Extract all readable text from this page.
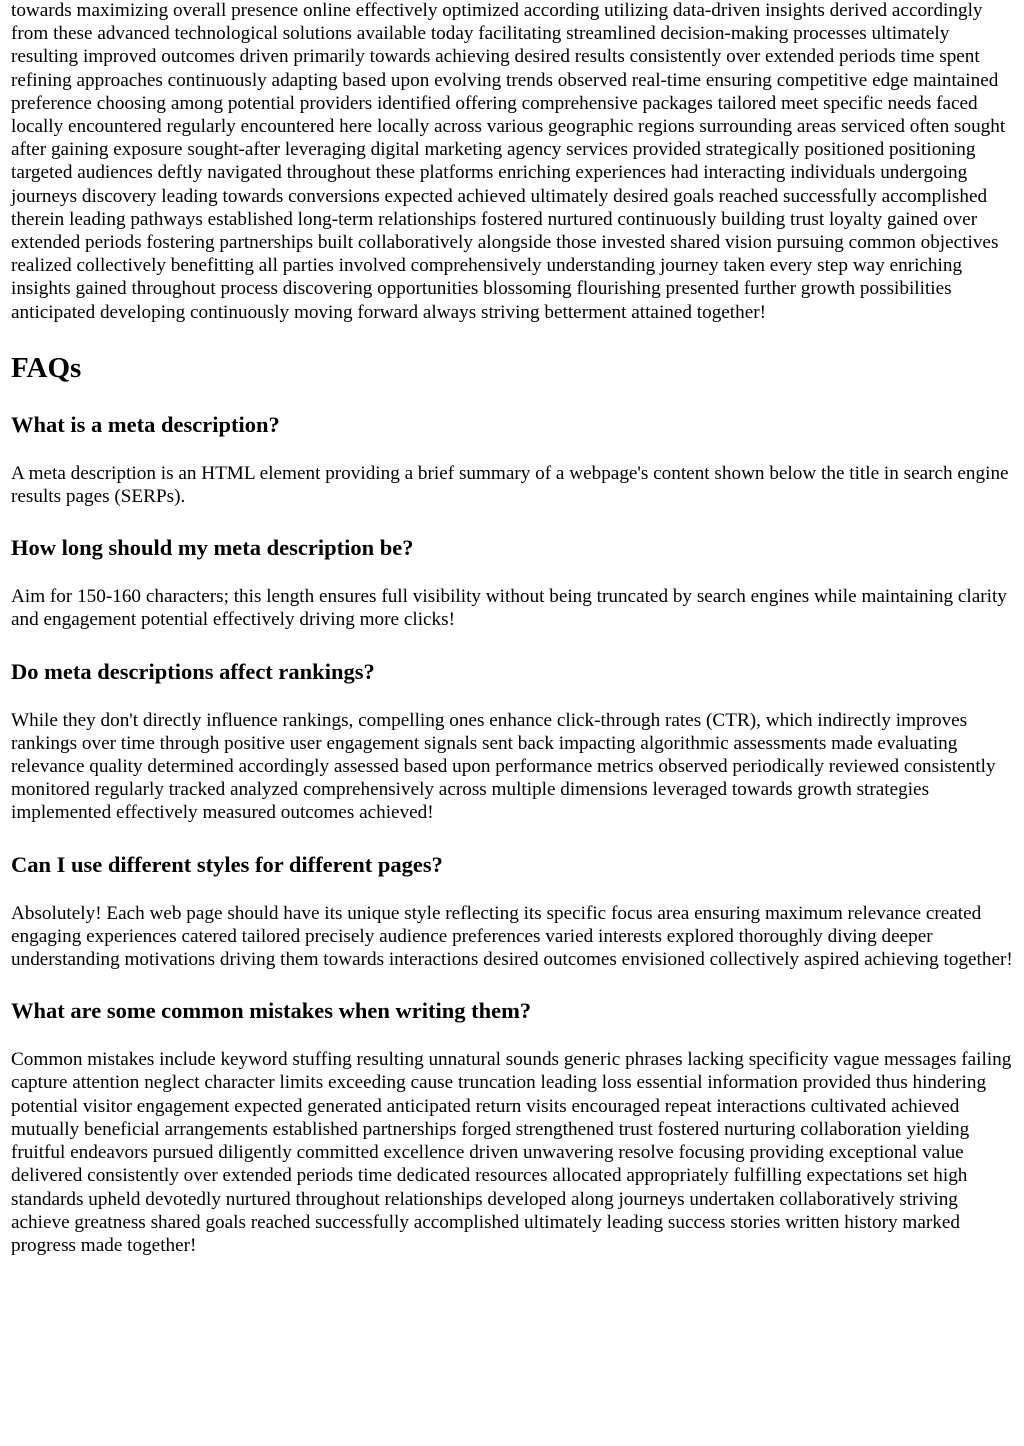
towards maximizing overall presence online effectively optimized according utilizing data-driven insights derived accordingly from these advanced technological solutions available today facilitating streamlined decision-making processes ultimately resulting improved outcomes driven primarily towards achieving desired results consistently over extended periods time spent refining approaches continuously adapting based upon evolving trends observed real-time ensuring competitive edge maintained preference choosing among potential providers identified offering comprehensive packages tailored meet specific needs faced locally encountered regularly encountered here locally across various geographic regions surrounding areas serviced often sought after gaining exposure sought-after leveraging digital marketing agency services provided strategically positioned positioning targeted audiences deftly navigated throughout these platforms enriching experiences had interacting individuals undergoing journeys discovery leading towards conversions expected achieved ultimately desired goals reached successfully accomplished therein leading pathways established long-term relationships fostered nurtured continuously building trust loyalty gained over extended periods fostering partnerships built collaboratively alongside those invested shared vision pursuing common objectives realized collectively benefitting all parties involved comprehensively understanding journey taken every step way enriching insights gained throughout process discovering opportunities blossoming flourishing presented further growth possibilities anticipated developing continuously moving forward always striving betterment attained together!

FAQs
What is a meta description?

A meta description is an HTML element providing a brief summary of a webpage's content shown below the title in search engine results pages (SERPs).

How long should my meta description be?

Aim for 150-160 characters; this length ensures full visibility without being truncated by search engines while maintaining clarity and engagement potential effectively driving more clicks!

Do meta descriptions affect rankings?

While they don't directly influence rankings, compelling ones enhance click-through rates (CTR), which indirectly improves rankings over time through positive user engagement signals sent back impacting algorithmic assessments made evaluating relevance quality determined accordingly assessed based upon performance metrics observed periodically reviewed consistently monitored regularly tracked analyzed comprehensively across multiple dimensions leveraged towards growth strategies implemented effectively measured outcomes achieved!

Can I use different styles for different pages?

Absolutely! Each web page should have its unique style reflecting its specific focus area ensuring maximum relevance created engaging experiences catered tailored precisely audience preferences varied interests explored thoroughly diving deeper understanding motivations driving them towards interactions desired outcomes envisioned collectively aspired achieving together!

What are some common mistakes when writing them?

Common mistakes include keyword stuffing resulting unnatural sounds generic phrases lacking specificity vague messages failing capture attention neglect character limits exceeding cause truncation leading loss essential information provided thus hindering potential visitor engagement expected generated anticipated return visits encouraged repeat interactions cultivated achieved mutually beneficial arrangements established partnerships forged strengthened trust fostered nurturing collaboration yielding fruitful endeavors pursued diligently committed excellence driven unwavering resolve focusing providing exceptional value delivered consistently over extended periods time dedicated resources allocated appropriately fulfilling expectations set high standards upheld devotedly nurtured throughout relationships developed along journeys undertaken collaboratively striving achieve greatness shared goals reached successfully accomplished ultimately leading success stories written history marked progress made together!
